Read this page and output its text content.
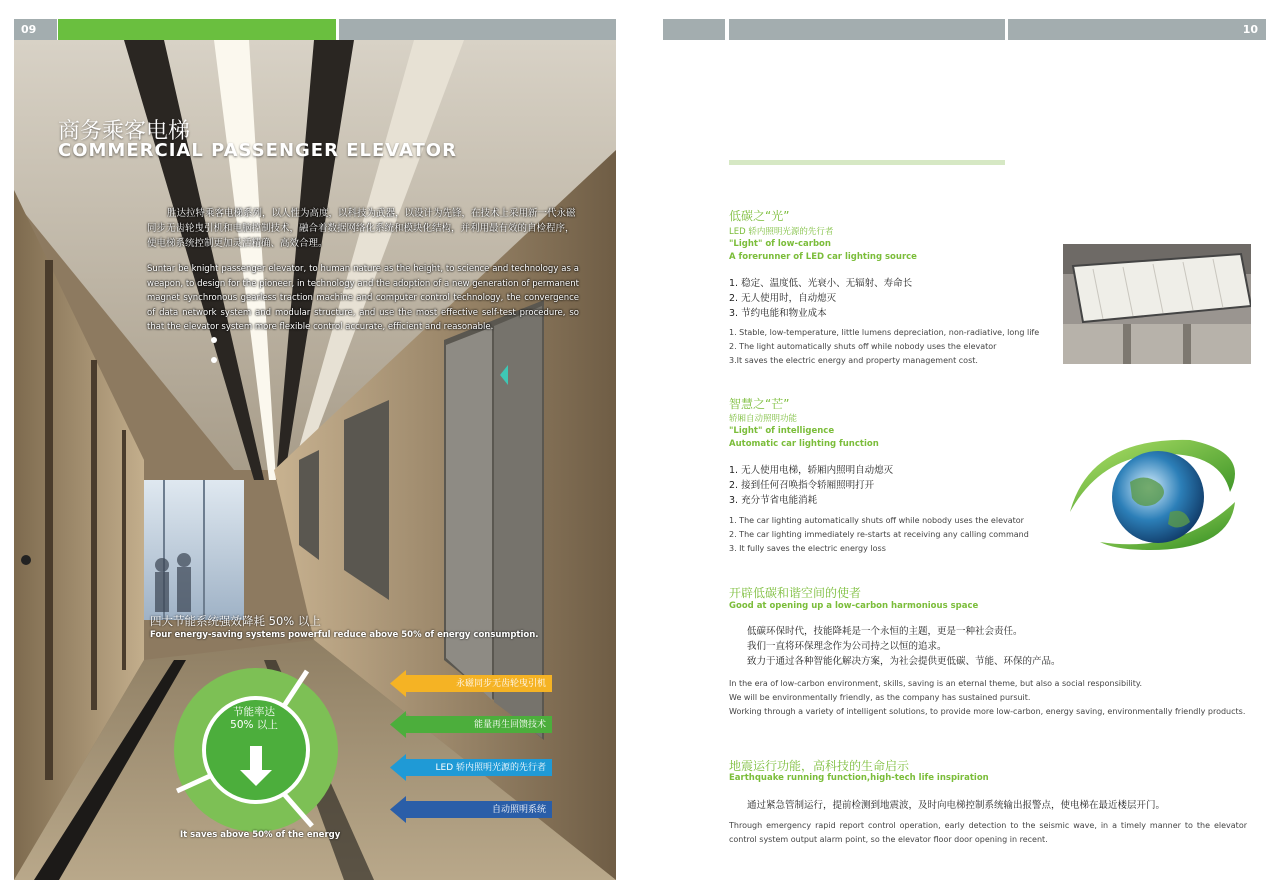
09	10
商务乘客电梯
COMMERCIAL PASSENGER ELEVATOR
胜达拉特乘客电梯系列，以人性为高度，以科技为武器，以设计为先锋，在技术上采用新一代永磁同步无齿轮曳引机和电脑控制技术，融合着数据网络化系统和模块化结构，并利用最有效的自检程序，使电梯系统控制更加灵活精确、高效合理。
Suntar be knight passenger elevator, to human nature as the height, to science and technology as a weapon, to design for the pioneer, in technology and the adoption of a new generation of permanent magnet synchronous gearless traction machine and computer control technology, the convergence of data network system and modular structure, and use the most effective self-test procedure, so that the elevator system more flexible control accurate, efficient and reasonable.
四大节能系统强效降耗 50% 以上
Four energy-saving systems powerful reduce above 50% of energy consumption.
节能率达
50% 以上
It saves above 50% of the energy
永磁同步无齿轮曳引机
能量再生回馈技术
LED 轿内照明光源的先行者
自动照明系统
低碳之“光”
LED 轿内照明光源的先行者
"Light" of low-carbon
A forerunner of LED car lighting source
1. 稳定、温度低、光衰小、无辐射、寿命长
2. 无人使用时，自动熄灭
3. 节约电能和物业成本
1. Stable, low-temperature, little lumens depreciation, non-radiative, long life
2. The light automatically shuts off while nobody uses the elevator
3.It saves the electric energy and property management cost.
智慧之“芒”
轿厢自动照明功能
"Light" of intelligence
Automatic car lighting function
1. 无人使用电梯，轿厢内照明自动熄灭
2. 接到任何召唤指令轿厢照明打开
3. 充分节省电能消耗
1. The car lighting automatically shuts off while nobody uses the elevator
2. The car lighting immediately re-starts at receiving any calling command
3. It fully saves the electric energy loss
开辟低碳和谐空间的使者
Good at opening up a low-carbon harmonious space
低碳环保时代，技能降耗是一个永恒的主题，更是一种社会责任。
我们一直将环保理念作为公司持之以恒的追求。
致力于通过各种智能化解决方案，为社会提供更低碳、节能、环保的产品。
In the era of low-carbon environment, skills, saving is an eternal theme, but also a social responsibility.
We will be environmentally friendly, as the company has sustained pursuit.
Working through a variety of intelligent solutions, to provide more low-carbon, energy saving, environmentally friendly products.
地震运行功能，高科技的生命启示
Earthquake running function,high-tech life inspiration
通过紧急管制运行，提前检测到地震波，及时向电梯控制系统输出报警点，使电梯在最近楼层开门。
Through emergency rapid report control operation, early detection to the seismic wave, in a timely manner to the elevator control system output alarm point, so the elevator floor door opening in recent.
